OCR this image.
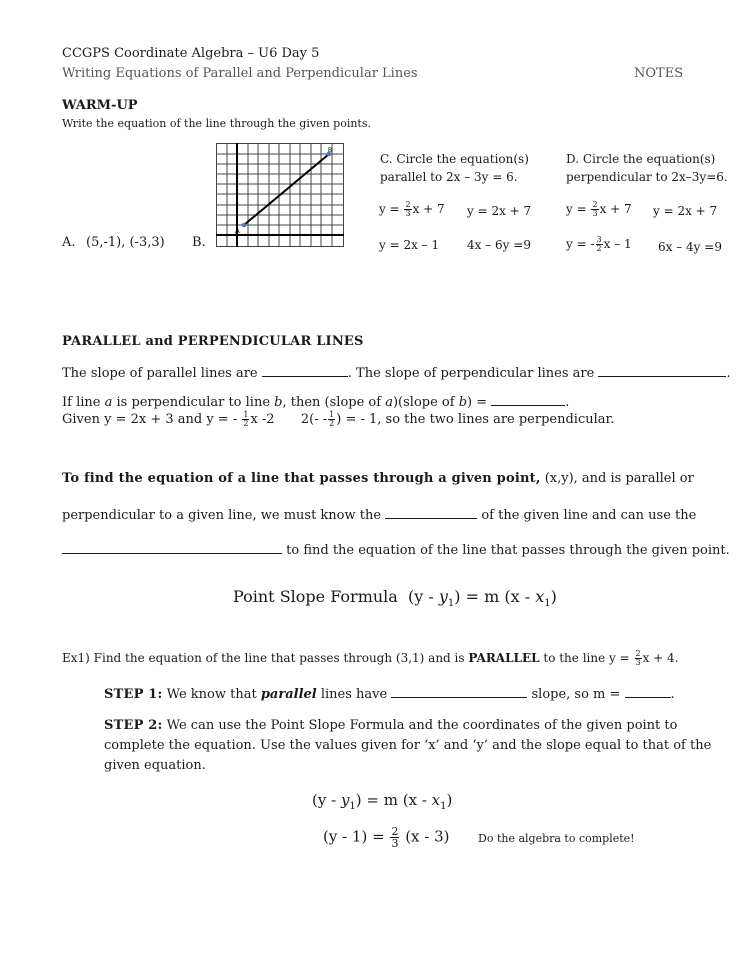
CCGPS Coordinate Algebra – U6 Day 5
Writing Equations of Parallel and Perpendicular Lines	NOTES
WARM-UP
Write the equation of the line through the given points.
A
B
A. (5,-1), (-3,3) B.
C. Circle the equation(s)
parallel to 2x – 3y = 6.
$y = \frac{2}{3}$ x + 7 y = 2x + 7
y = 2x – 1 4x – 6y =9
D. Circle the equation(s)
perpendicular to 2x–3y=6.
$y = \frac{2}{3}$ x + 7 y = 2x + 7
y = - $\frac{3}{2}$ x – 1 6x – 4y =9
PARALLEL and PERPENDICULAR LINES
The slope of parallel lines are	. The slope of perpendicular lines are	.
If line a is perpendicular to line b, then (slope of a)(slope of b) =	.
Given y = 2x + 3 and y = - $\frac{1}{2}$ x -2 $2(- - \frac{1}{2}$ ) = - 1, so the two lines are perpendicular.
To find the equation of a line that passes through a given point, (x,y), and is parallel or
perpendicular to a given line, we must know the	of the given line and can use the
to find the equation of the line that passes through the given point.
Point Slope Formula $(y - y_1) = m$ $(x - x_1)$
Ex1) Find the equation of the line that passes through (3,1) and is PARALLEL to the line $y = \frac{2}{3}$ x + 4.
STEP 1: We know that parallel lines have	slope, so m =	.
STEP 2: We can use the Point Slope Formula and the coordinates of the given point to
complete the equation. Use the values given for ‘x’ and ‘y’ and the slope equal to that of the
given equation.
$(y - y_1) = m$ $(x - x_1)$
$(y - 1) = \frac{2}{3} (x - 3)$	Do the algebra to complete!
